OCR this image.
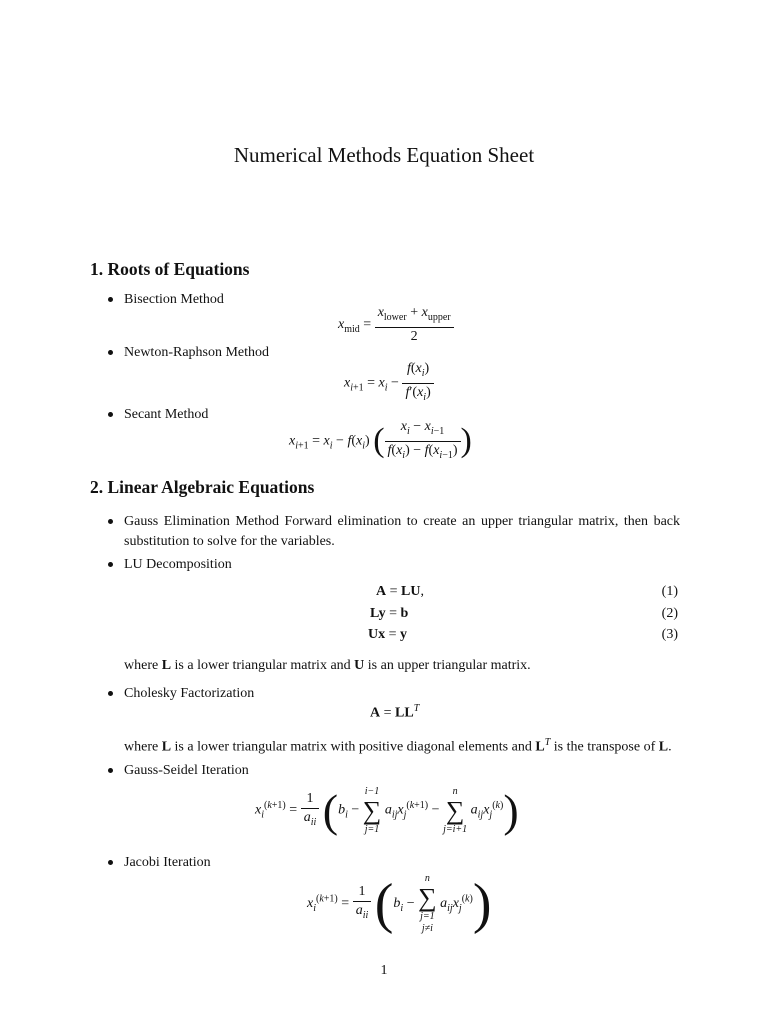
Numerical Methods Equation Sheet
1. Roots of Equations
Bisection Method
$x_{mid} = \frac{x_{lower} + x_{upper}}{2}$
Newton-Raphson Method
$x_{i+1} = x_i - \frac{f(x_i)}{f'(x_i)}$
Secant Method
$x_{i+1} = x_i - f(x_i)$ ( $\frac{x_i - x_{i-1}}{f(x_i) - f(x_{i-1})}$ )
2. Linear Algebraic Equations
Gauss Elimination Method Forward elimination to create an upper triangular matrix, then back substitution to solve for the variables.
LU Decomposition
A = LU,	(1)
Ly = b	(2)
Ux = y	(3)
where L is a lower triangular matrix and U is an upper triangular matrix.
Cholesky Factorization
$A = LL^T$
where L is a lower triangular matrix with positive diagonal elements and $L^T$ is the transpose of L.
Gauss-Seidel Iteration
$x_i^{(k+1)} = \frac{1}{a_{ii}} (b_i$ −
i−1
∑
j=1
$a_{ij}x_j^{(k+1)}$ −
n
∑
j=i+1
$a_{ij}x_j^{(k)}$)
Jacobi Iteration
$x_i^{(k+1)} = \frac{1}{a_{ii}} (b_i$ −
n
∑
j=1
j≠i
$a_{ij}x_j^{(k)}$)
1
